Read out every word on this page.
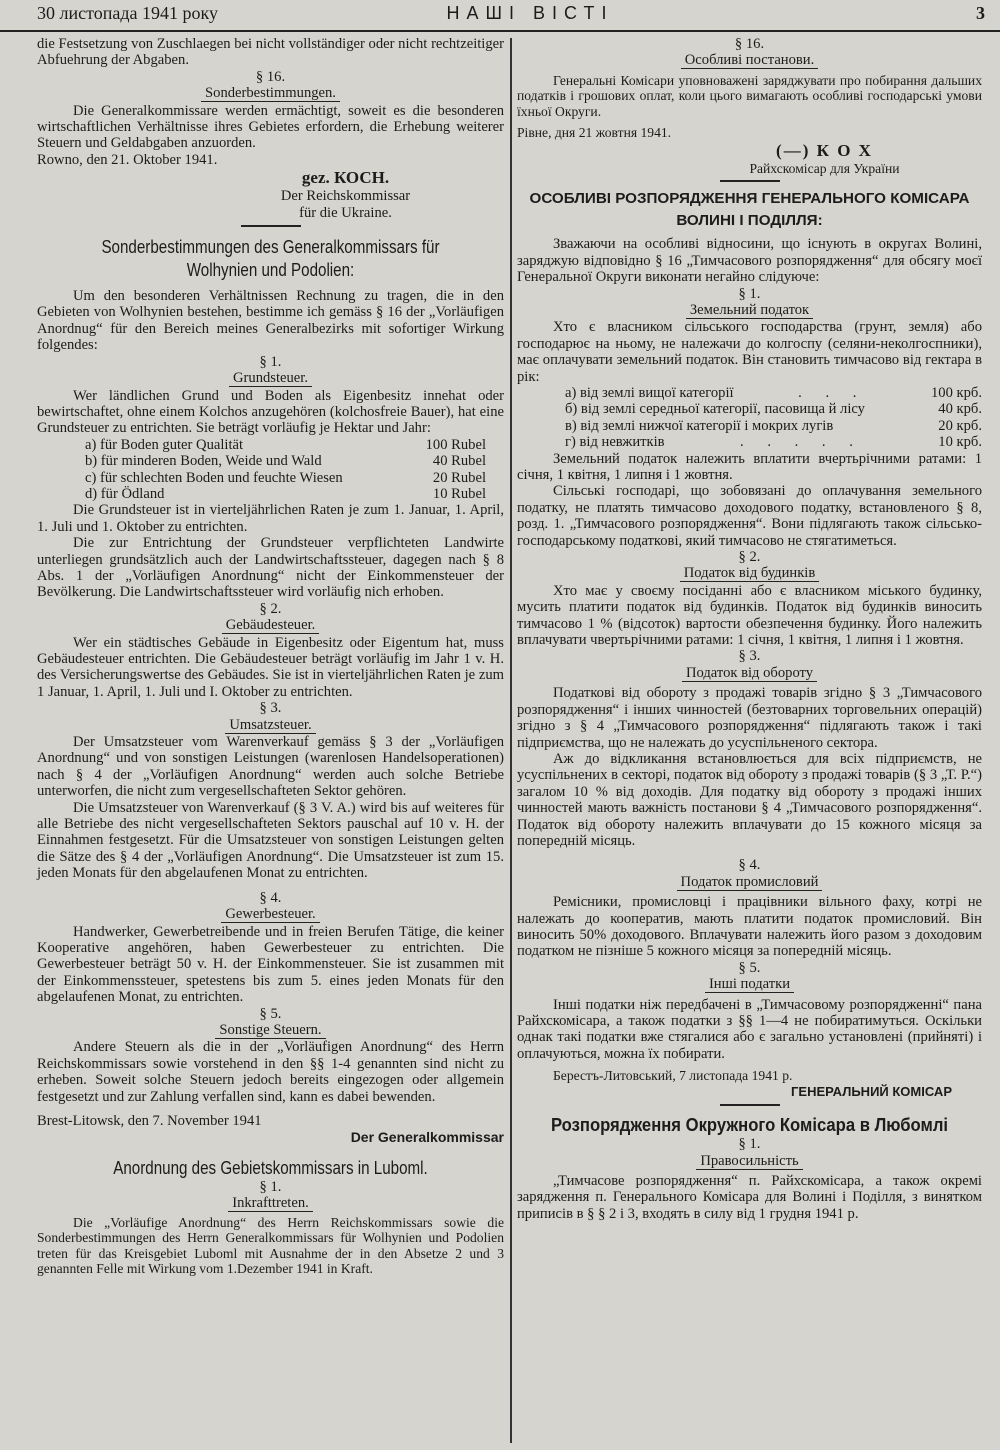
30 листопада 1941 року	НАШІ ВІСТІ	3

die Festsetzung von Zuschlaegen bei nicht vollständiger oder nicht rechtzeitiger Abfuehrung der Abgaben.

§ 16.

Sonderbestimmungen.

Die Generalkommissare werden ermächtigt, soweit es die besonderen wirtschaftlichen Verhältnisse ihres Gebietes erfordern, die Erhebung weiterer Steuern und Geldabgaben anzuorden.

Rowno, den 21. Oktober 1941.

gez. КОСН.

Der Reichskommissar

für die Ukraine.

Sonderbestimmungen des Generalkommissars für Wolhynien und Podolien:

Um den besonderen Verhältnissen Rechnung zu tragen, die in den Gebieten von Wolhynien bestehen, bestimme ich gemäss § 16 der „Vorläufigen Anordnug“ für den Bereich meines Generalbezirks mit sofortiger Wirkung folgendes:

§ 1.

Grundsteuer.

Wer ländlichen Grund und Boden als Eigenbesitz innehat oder bewirtschaftet, ohne einem Kolchos anzugehören (kolchosfreie Bauer), hat eine Grundsteuer zu entrichten. Sie beträgt vorläufig je Hektar und Jahr:

a) für Boden guter Qualität	100 Rubel
b) für minderen Boden, Weide und Wald	40 Rubel
c) für schlechten Boden und feuchte Wiesen	20 Rubel
d) für Ödland	10 Rubel

Die Grundsteuer ist in vierteljährlichen Raten je zum 1. Januar, 1. April, 1. Juli und 1. Oktober zu entrichten.

Die zur Entrichtung der Grundsteuer verpflichteten Landwirte unterliegen grundsätzlich auch der Landwirtschaftssteuer, dagegen nach § 8 Abs. 1 der „Vorläufigen Anordnung“ nicht der Einkommensteuer der Bevölkerung. Die Landwirtschaftssteuer wird vorläufig nich erhoben.

§ 2.

Gebäudesteuer.

Wer ein städtisches Gebäude in Eigenbesitz oder Eigentum hat, muss Gebäudesteuer entrichten. Die Gebäudesteuer beträgt vorläufig im Jahr 1 v. H. des Versicherungswertse des Gebäudes. Sie ist in vierteljährlichen Raten je zum 1 Januar, 1. April, 1. Juli und I. Oktober zu entrichten.

§ 3.

Umsatzsteuer.

Der Umsatzsteuer vom Warenverkauf gemäss § 3 der „Vorläufigen Anordnung“ und von sonstigen Leistungen (warenlosen Handelsoperationen) nach § 4 der „Vorläufigen Anordnung“ werden auch solche Betriebe unterworfen, die nicht zum vergesellschafteten Sektor gehören.

Die Umsatzsteuer von Warenverkauf (§ 3 V. A.) wird bis auf weiteres für alle Betriebe des nicht vergesellschafteten Sektors pauschal auf 10 v. H. der Einnahmen festgesetzt. Für die Umsatzsteuer von sonstigen Leistungen gelten die Sätze des § 4 der „Vorläufigen Anordnung“. Die Umsatzsteuer ist zum 15. jeden Monats für den abgelaufenen Monat zu entrichten.

§ 4.

Gewerbesteuer.

Handwerker, Gewerbetreibende und in freien Berufen Tätige, die keiner Kooperative angehören, haben Gewerbesteuer zu entrichten. Die Gewerbesteuer beträgt 50 v. H. der Einkommensteuer. Sie ist zusammen mit der Einkommenssteuer, spetestens bis zum 5. eines jeden Monats für den abgelaufenen Monat, zu entrichten.

§ 5.

Sonstige Steuern.

Andere Steuern als die in der „Vorläufigen Anordnung“ des Herrn Reichskommissars sowie vorstehend in den §§ 1-4 genannten sind nicht zu erheben. Soweit solche Steuern jedoch bereits eingezogen oder allgemein festgesetzt und zur Zahlung verfallen sind, kann es dabei bewenden.

Brest-Litowsk, den 7. November 1941

Der Generalkommissar

Anordnung des Gebietskommissars in Luboml.

§ 1.

Inkrafttreten.

Die „Vorläufige Anordnung“ des Herrn Reichskommissars sowie die Sonderbestimmungen des Herrn Generalkommissars für Wolhynien und Podolien treten für das Kreisgebiet Luboml mit Ausnahme der in den Absetze 2 und 3 genannten Felle mit Wirkung vom 1.Dezember 1941 in Kraft.

§ 16.

Особливі постанови.

Генеральні Комісари уповноважені заряджувати про побирання дальших податків і грошових оплат, коли цього вимагають особливі господарські умови їхньої Округи.

Рівне, дня 21 жовтня 1941.

(—) К О Х

Райхскомісар для України

ОСОБЛИВІ РОЗПОРЯДЖЕННЯ ГЕНЕРАЛЬНОГО КОМІСАРА ВОЛИНІ І ПОДІЛЛЯ:

Зважаючи на особливі відносини, що існують в округах Волині, заряджую відповідно § 16 „Тимчасового розпорядження“ для обсягу моєї Генеральної Округи виконати негайно слідуюче:

§ 1.

Земельний податок

Хто є власником сільського господарства (грунт, земля) або господарює на ньому, не належачи до колгоспу (селяни-неколгоспники), має оплачувати земельний податок. Він становить тимчасово від гектара в рік:

а) від землі вищої категорії	. . .	100 крб.

б) від землі середньої категорії, пасовища й лісу	40 крб.

в) від землі нижчої категорії і мокрих лугів	20 крб.

г) від невжитків	. . . . .	10 крб.

Земельний податок належить вплатити вчертьрічними ратами: 1 січня, 1 квітня, 1 липня і 1 жовтня.

Сільські господарі, що зобовязані до оплачування земельного податку, не платять тимчасово доходового податку, встановленого § 8, розд. 1. „Тимчасового розпорядження“. Вони підлягають також сільсько-господарському податкові, який тимчасово не стягатиметься.

§ 2.

Податок від будинків

Хто має у своєму посіданні або є власником міського будинку, мусить платити податок від будинків. Податок від будинків виносить тимчасово 1 % (відсоток) вартости обезпечення будинку. Його належить вплачувати чвертьрічними ратами: 1 січня, 1 квітня, 1 липня і 1 жовтня.

§ 3.

Податок від обороту

Податкові від обороту з продажі товарів згідно § 3 „Тимчасового розпорядження“ і інших чинностей (безтоварних торговельних операцій) згідно з § 4 „Тимчасового розпорядження“ підлягають також і такі підприємства, що не належать до усуспільненого сектора.

Аж до відкликання встановлюється для всіх підприємств, не усуспільнених в секторі, податок від обороту з продажі товарів (§ 3 „Т. Р.“) загалом 10 % від доходів. Для податку від обороту з продажі інших чинностей мають важність постанови § 4 „Тимчасового розпорядження“. Податок від обороту належить вплачувати до 15 кожного місяця за попередній місяць.

§ 4.

Податок промисловий

Ремісники, промисловці і працівники вільного фаху, котрі не належать до кооператив, мають платити податок промисловий. Він виносить 50% доходового. Вплачувати належить його разом з доходовим податком не пізніше 5 кожного місяця за попередній місяць.

§ 5.

Інші податки

Інші податки ніж передбачені в „Тимчасовому розпорядженні“ пана Райхскомісара, а також податки з §§ 1—4 не побиратимуться. Оскільки однак такі податки вже стягалися або є загально установлені (прийняті) і оплачуються, можна їх побирати.

Берестъ-Литовський, 7 листопада 1941 р.

ГЕНЕРАЛЬНИЙ КОМІСАР

Розпорядження Окружного Комісара в Любомлі

§ 1.

Правосильність

„Тимчасове розпорядження“ п. Райхскомісара, а також окремі зарядження п. Генерального Комісара для Волині і Поділля, з винятком приписів в § § 2 і 3, входять в силу від 1 грудня 1941 р.
